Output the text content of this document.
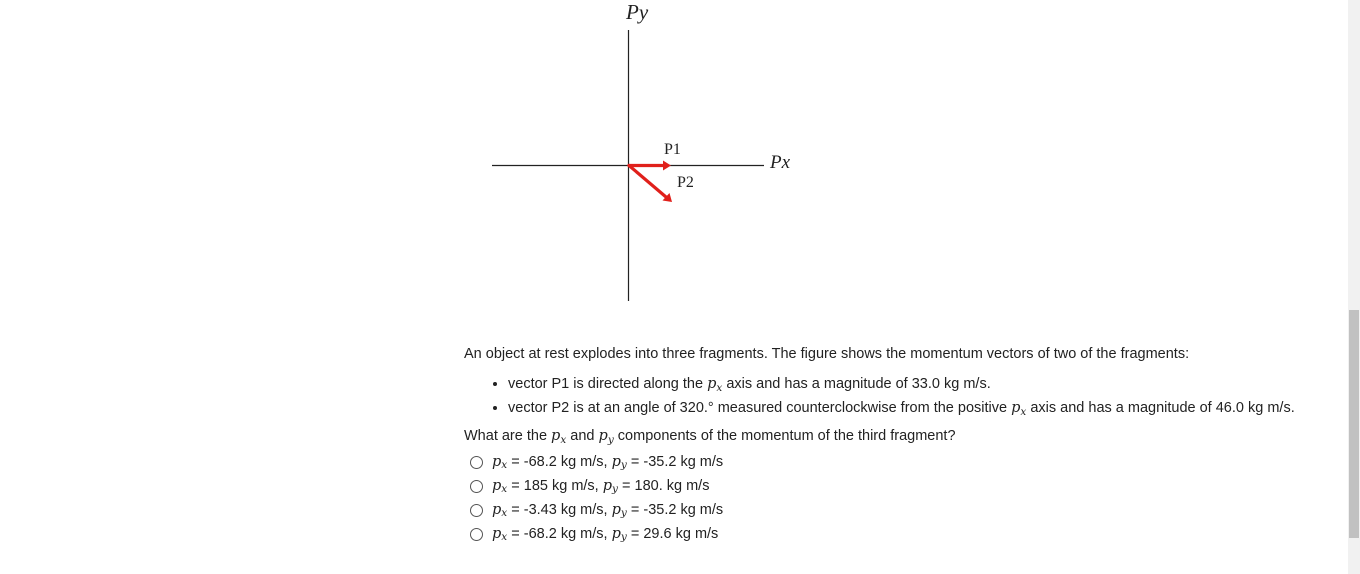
Py
Px
P1
P2

An object at rest explodes into three fragments. The figure shows the momentum vectors of two of the fragments:

• vector P1 is directed along the $p_x$ axis and has a magnitude of 33.0 kg m/s.
• vector P2 is at an angle of 320.° measured counterclockwise from the positive $p_x$ axis and has a magnitude of 46.0 kg m/s.

What are the $p_x$ and $p_y$ components of the momentum of the third fragment?

p x
=
-68.2 kg m/s,
p y
=
-35.2 kg m/s
p x
=
185 kg m/s,
p y
=
180. kg m/s
p x
=
-3.43 kg m/s,
p y
=
-35.2 kg m/s
p x
=
-68.2 kg m/s,
p y
=
29.6 kg m/s
